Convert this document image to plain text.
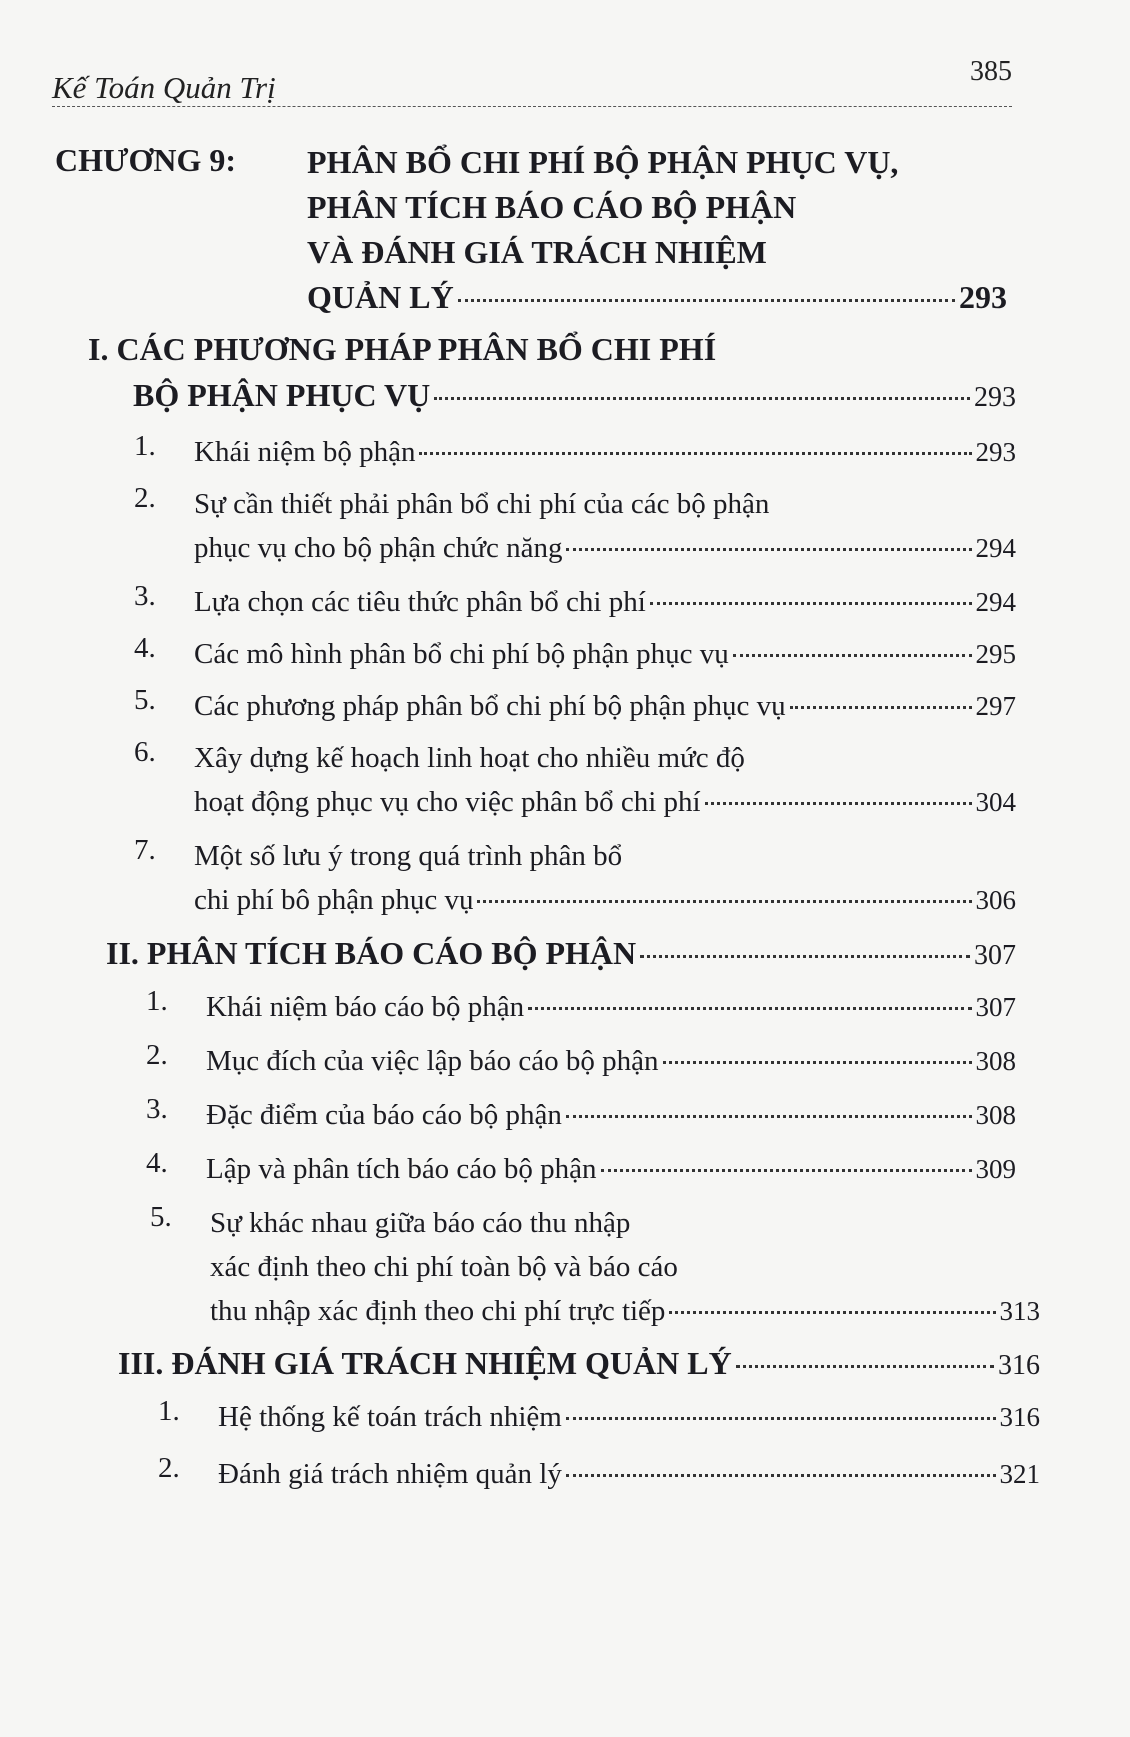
Kế Toán Quản Trị	385
CHƯƠNG 9: PHÂN BỔ CHI PHÍ BỘ PHẬN PHỤC VỤ,
PHÂN TÍCH BÁO CÁO BỘ PHẬN
VÀ ĐÁNH GIÁ TRÁCH NHIỆM
QUẢN LÝ	293
I. CÁC PHƯƠNG PHÁP PHÂN BỔ CHI PHÍ
BỘ PHẬN PHỤC VỤ	293
1. Khái niệm bộ phận	293
2. Sự cần thiết phải phân bổ chi phí của các bộ phận
phục vụ cho bộ phận chức năng	294
3. Lựa chọn các tiêu thức phân bổ chi phí	294
4. Các mô hình phân bổ chi phí bộ phận phục vụ	295
5. Các phương pháp phân bổ chi phí bộ phận phục vụ	297
6. Xây dựng kế hoạch linh hoạt cho nhiều mức độ
hoạt động phục vụ cho việc phân bổ chi phí	304
7. Một số lưu ý trong quá trình phân bổ
chi phí bô phận phục vụ	306
II. PHÂN TÍCH BÁO CÁO BỘ PHẬN	307
1. Khái niệm báo cáo bộ phận	307
2. Mục đích của việc lập báo cáo bộ phận	308
3. Đặc điểm của báo cáo bộ phận	308
4. Lập và phân tích báo cáo bộ phận	309
5. Sự khác nhau giữa báo cáo thu nhập
xác định theo chi phí toàn bộ và báo cáo
thu nhập xác định theo chi phí trực tiếp	313
III. ĐÁNH GIÁ TRÁCH NHIỆM QUẢN LÝ	316
1. Hệ thống kế toán trách nhiệm	316
2. Đánh giá trách nhiệm quản lý	321
